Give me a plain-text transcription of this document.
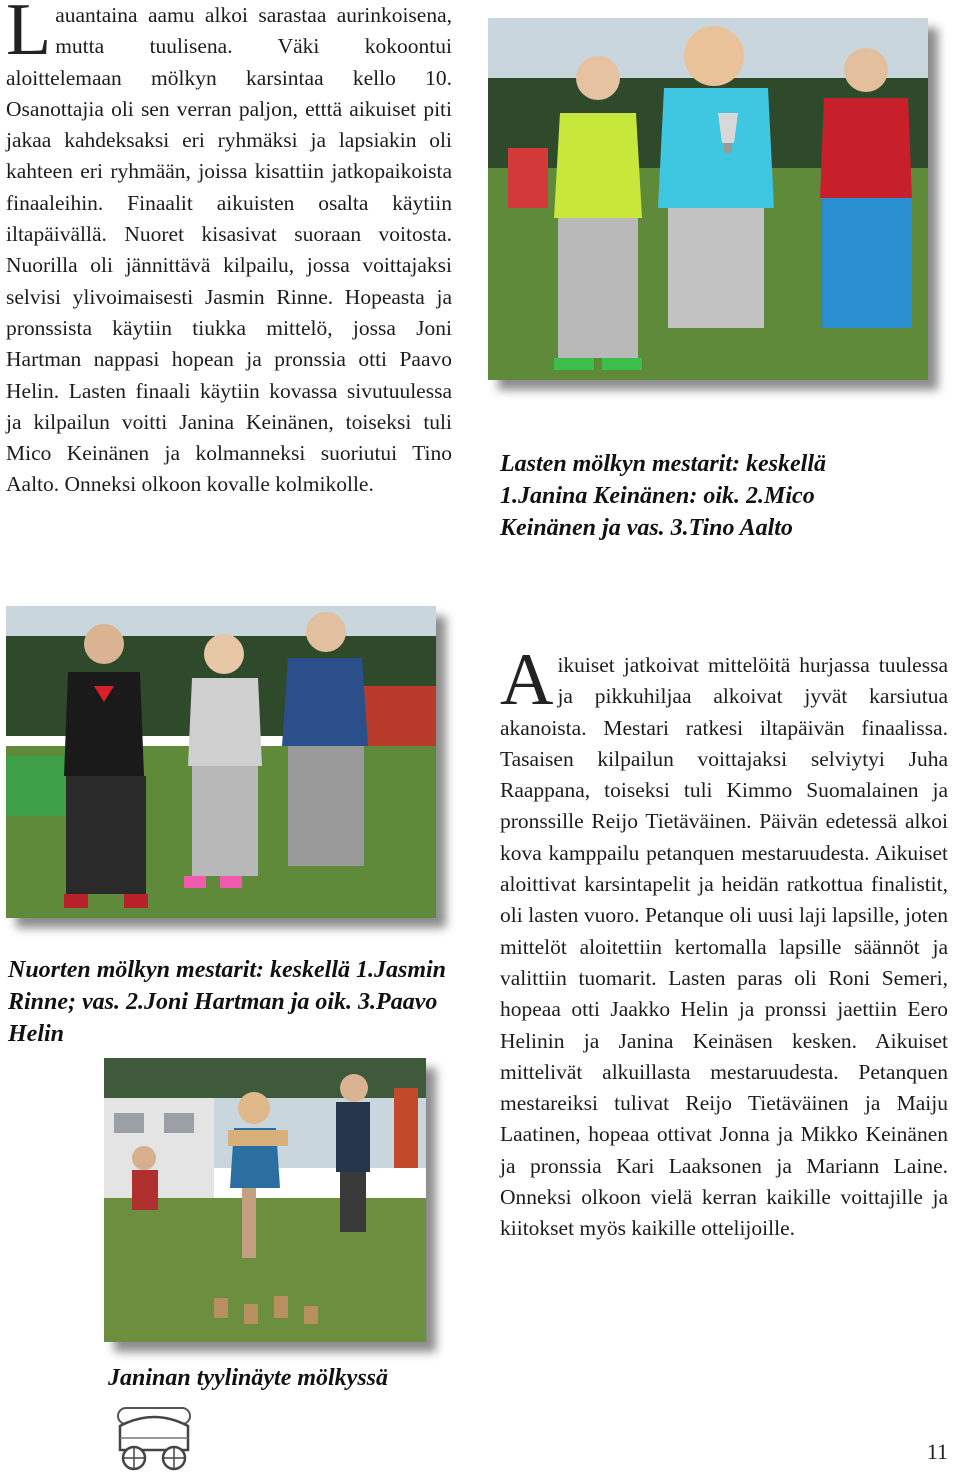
Lauantaina aamu alkoi sarastaa aurinkoisena, mutta tuulisena. Väki kokoontui aloittelemaan mölkyn karsintaa kello 10. Osanottajia oli sen verran paljon, etttä aikuiset piti jakaa kahdeksaksi eri ryhmäksi ja lapsiakin oli kahteen eri ryhmään, joissa kisattiin jatkopaikoista finaaleihin. Finaalit aikuisten osalta käytiin iltapäivällä. Nuoret kisasivat suoraan voitosta. Nuorilla oli jännittävä kilpailu, jossa voittajaksi selvisi ylivoimaisesti Jasmin Rinne. Hopeasta ja pronssista käytiin tiukka mittelö, jossa Joni Hartman nappasi hopean ja pronssia otti Paavo Helin. Lasten finaali käytiin kovassa sivutuulessa ja kilpailun voitti Janina Keinänen, toiseksi tuli Mico Keinänen ja kolmanneksi suoriutui Tino Aalto. Onneksi olkoon kovalle kolmikolle.

Lasten mölkyn mestarit: keskellä 1.Janina Keinänen: oik. 2.Mico Keinänen ja vas. 3.Tino Aalto
Nuorten mölkyn mestarit: keskellä 1.Jasmin Rinne; vas. 2.Joni Hartman ja oik. 3.Paavo Helin
Janinan tyylinäyte mölkyssä

Aikuiset jatkoivat mittelöitä hurjassa tuulessa ja pikkuhiljaa alkoivat jyvät karsiutua akanoista. Mestari ratkesi iltapäivän finaalissa. Tasaisen kilpailun voittajaksi selviytyi Juha Raappana, toiseksi tuli Kimmo Suomalainen ja pronssille Reijo Tietäväinen. Päivän edetessä alkoi kova kamppailu petanquen mestaruudesta. Aikuiset aloittivat karsintapelit ja heidän ratkottua finalistit, oli lasten vuoro. Petanque oli uusi laji lapsille, joten mittelöt aloitettiin kertomalla lapsille säännöt ja valittiin tuomarit. Lasten paras oli Roni Semeri, hopeaa otti Jaakko Helin ja pronssi jaettiin Eero Helinin ja Janina Keinäsen kesken. Aikuiset mittelivät alkuillasta mestaruudesta. Petanquen mestareiksi tulivat Reijo Tietäväinen ja Maiju Laatinen, hopeaa ottivat Jonna ja Mikko Keinänen ja pronssia Kari Laaksonen ja Mariann Laine. Onneksi olkoon vielä kerran kaikille voittajille ja kiitokset myös kaikille ottelijoille.

11
